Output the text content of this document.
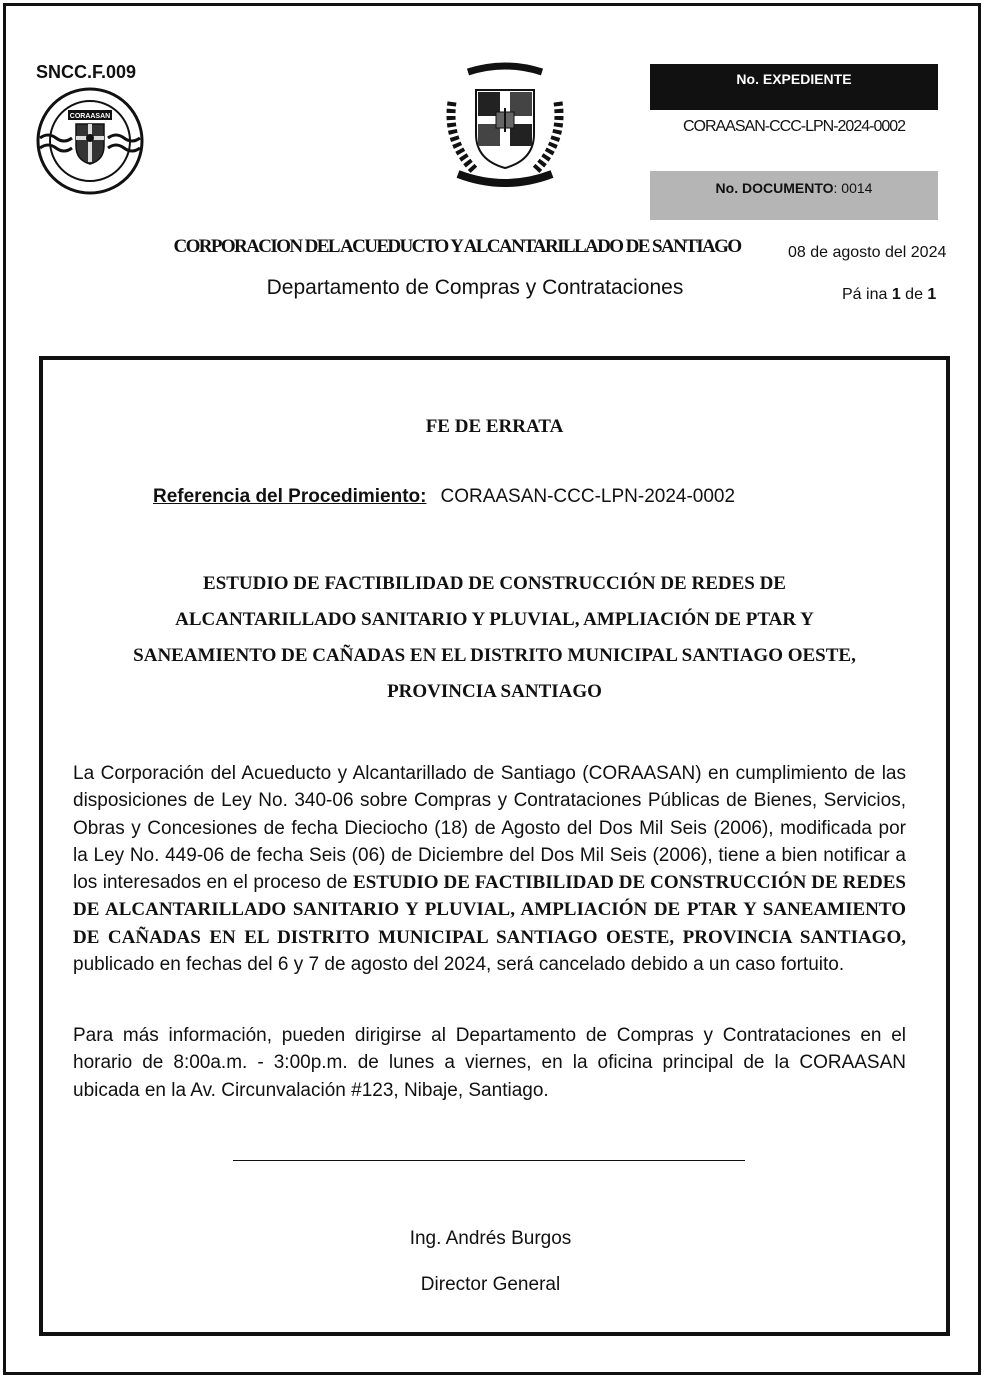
SNCC.F.009
CORAASAN
No. EXPEDIENTE
CORAASAN-CCC-LPN-2024-0002
No. DOCUMENTO: 0014
CORPORACION DEL ACUEDUCTO Y ALCANTARILLADO DE SANTIAGO	08 de agosto del 2024
Departamento de Compras y Contrataciones	Pá ina 1 de 1
FE DE ERRATA
Referencia del Procedimiento: CORAASAN-CCC-LPN-2024-0002
ESTUDIO DE FACTIBILIDAD DE CONSTRUCCIÓN DE REDES DE
ALCANTARILLADO SANITARIO Y PLUVIAL, AMPLIACIÓN DE PTAR Y
SANEAMIENTO DE CAÑADAS EN EL DISTRITO MUNICIPAL SANTIAGO OESTE,
PROVINCIA SANTIAGO
La Corporación del Acueducto y Alcantarillado de Santiago (CORAASAN) en cumplimiento de las disposiciones de Ley No. 340-06 sobre Compras y Contrataciones Públicas de Bienes, Servicios, Obras y Concesiones de fecha Dieciocho (18) de Agosto del Dos Mil Seis (2006), modificada por la Ley No. 449-06 de fecha Seis (06) de Diciembre del Dos Mil Seis (2006), tiene a bien notificar a los interesados en el proceso de ESTUDIO DE FACTIBILIDAD DE CONSTRUCCIÓN DE REDES DE ALCANTARILLADO SANITARIO Y PLUVIAL, AMPLIACIÓN DE PTAR Y SANEAMIENTO DE CAÑADAS EN EL DISTRITO MUNICIPAL SANTIAGO OESTE, PROVINCIA SANTIAGO, publicado en fechas del 6 y 7 de agosto del 2024, será cancelado debido a un caso fortuito.
Para más información, pueden dirigirse al Departamento de Compras y Contrataciones en el horario de 8:00a.m. - 3:00p.m. de lunes a viernes, en la oficina principal de la CORAASAN ubicada en la Av. Circunvalación #123, Nibaje, Santiago.
Ing. Andrés Burgos
Director General
